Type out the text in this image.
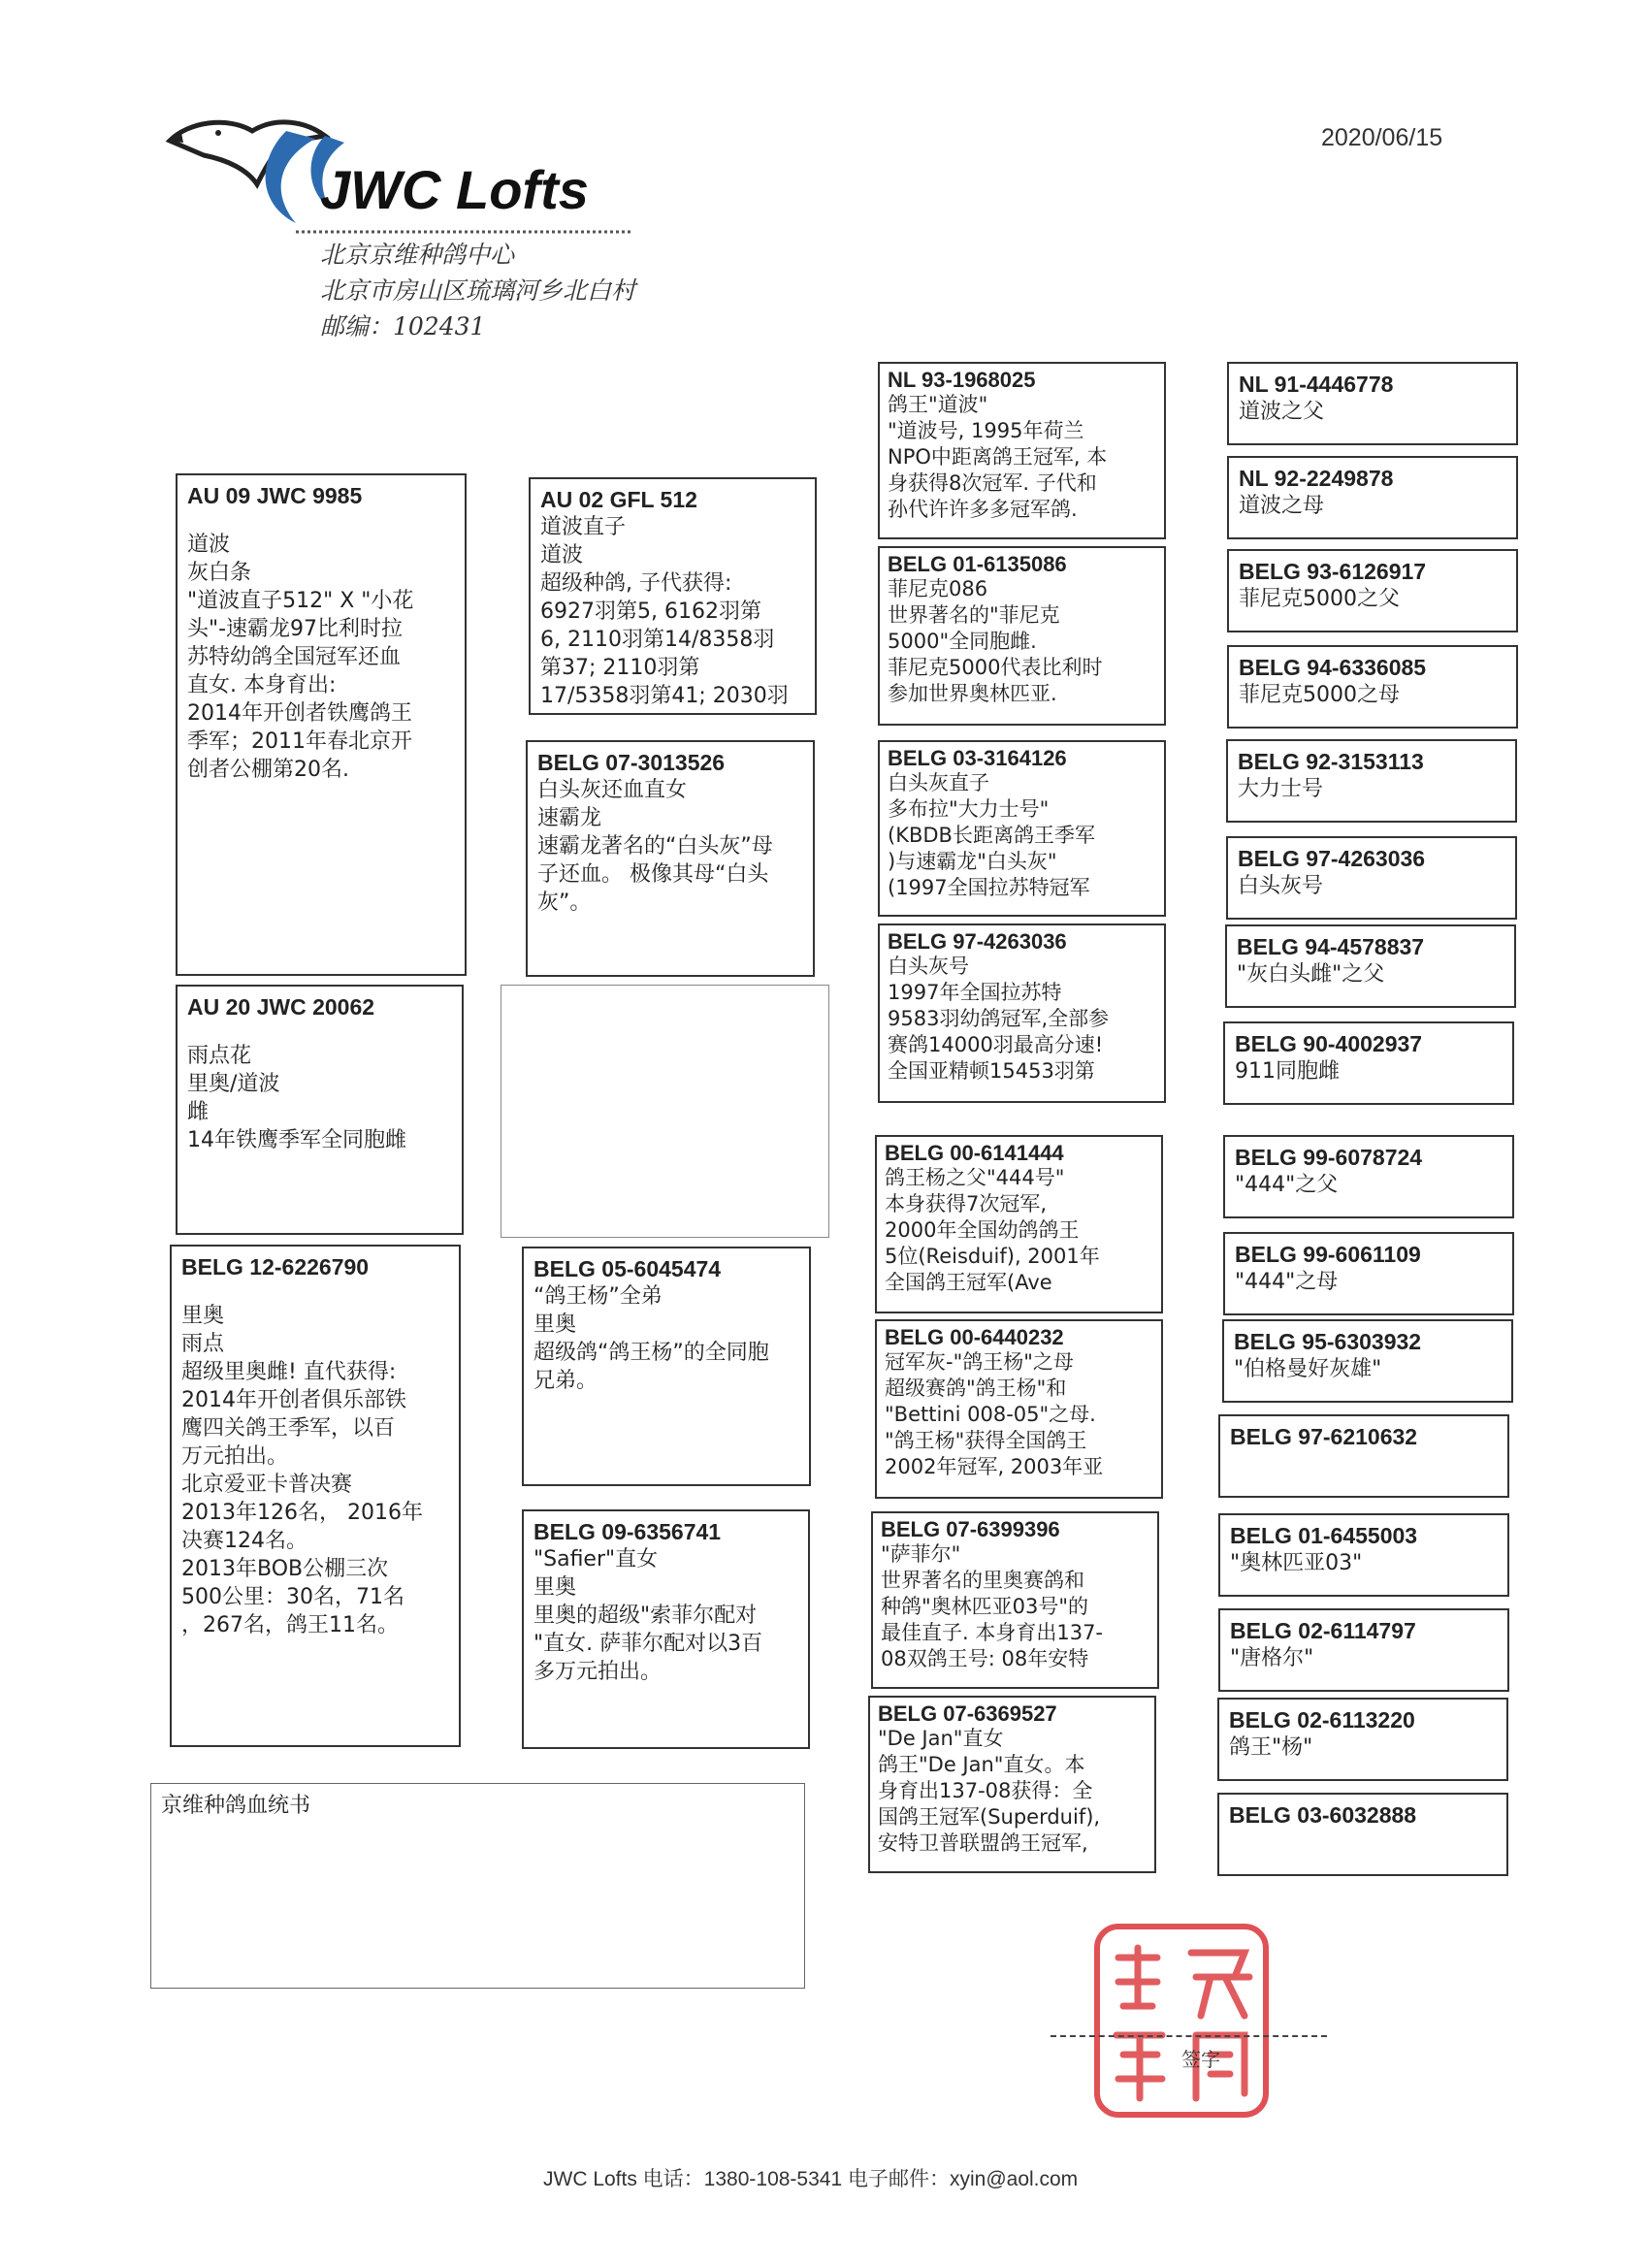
JWC Lofts
2020/06/15
北京京维种鸽中心
北京市房山区琉璃河乡北白村
邮编：102431
AU 09 JWC 9985
道波
灰白条
"道波直子512" X "小花
头"-速霸龙97比利时拉
苏特幼鸽全国冠军还血
直女. 本身育出:
2014年开创者铁鹰鸽王
季军；2011年春北京开
创者公棚第20名.
AU 20 JWC 20062
雨点花
里奥/道波
雌
14年铁鹰季军全同胞雌
BELG 12-6226790
里奥
雨点
超级里奥雌! 直代获得:
2014年开创者俱乐部铁
鹰四关鸽王季军，以百
万元拍出。
北京爱亚卡普决赛
2013年126名， 2016年
决赛124名。
2013年BOB公棚三次
500公里：30名，71名
，267名，鸽王11名。
AU 02 GFL 512
道波直子
道波
超级种鸽, 子代获得:
6927羽第5, 6162羽第
6, 2110羽第14/8358羽
第37; 2110羽第
17/5358羽第41; 2030羽
BELG 07-3013526
白头灰还血直女
速霸龙
速霸龙著名的“白头灰”母
子还血。 极像其母“白头
灰”。
BELG 05-6045474
“鸽王杨”全弟
里奥
超级鸽“鸽王杨”的全同胞
兄弟。
BELG 09-6356741
"Safier"直女
里奥
里奥的超级"索菲尔配对
"直女. 萨菲尔配对以3百
多万元拍出。
NL 93-1968025
鸽王"道波"
"道波号, 1995年荷兰
NPO中距离鸽王冠军, 本
身获得8次冠军. 子代和
孙代许许多多冠军鸽.
BELG 01-6135086
菲尼克086
世界著名的"菲尼克
5000"全同胞雌.
菲尼克5000代表比利时
参加世界奥林匹亚.
BELG 03-3164126
白头灰直子
多布拉"大力士号"
(KBDB长距离鸽王季军
)与速霸龙"白头灰"
(1997全国拉苏特冠军
BELG 97-4263036
白头灰号
1997年全国拉苏特
9583羽幼鸽冠军,全部参
赛鸽14000羽最高分速!
全国亚精顿15453羽第
BELG 00-6141444
鸽王杨之父"444号"
本身获得7次冠军,
2000年全国幼鸽鸽王
5位(Reisduif), 2001年
全国鸽王冠军(Ave
BELG 00-6440232
冠军灰-"鸽王杨"之母
超级赛鸽"鸽王杨"和
"Bettini 008-05"之母.
"鸽王杨"获得全国鸽王
2002年冠军, 2003年亚
BELG 07-6399396
"萨菲尔"
世界著名的里奥赛鸽和
种鸽"奥林匹亚03号"的
最佳直子. 本身育出137-
08双鸽王号: 08年安特
BELG 07-6369527
"De Jan"直女
鸽王"De Jan"直女。本
身育出137-08获得：全
国鸽王冠军(Superduif),
安特卫普联盟鸽王冠军,
NL 91-4446778
道波之父
NL 92-2249878
道波之母
BELG 93-6126917
菲尼克5000之父
BELG 94-6336085
菲尼克5000之母
BELG 92-3153113
大力士号
BELG 97-4263036
白头灰号
BELG 94-4578837
"灰白头雌"之父
BELG 90-4002937
911同胞雌
BELG 99-6078724
"444"之父
BELG 99-6061109
"444"之母
BELG 95-6303932
"伯格曼好灰雄"
BELG 97-6210632
BELG 01-6455003
"奥林匹亚03"
BELG 02-6114797
"唐格尔"
BELG 02-6113220
鸽王"杨"
BELG 03-6032888
京维种鸽血统书
签字
JWC Lofts 电话：1380-108-5341 电子邮件：xyin@aol.com
